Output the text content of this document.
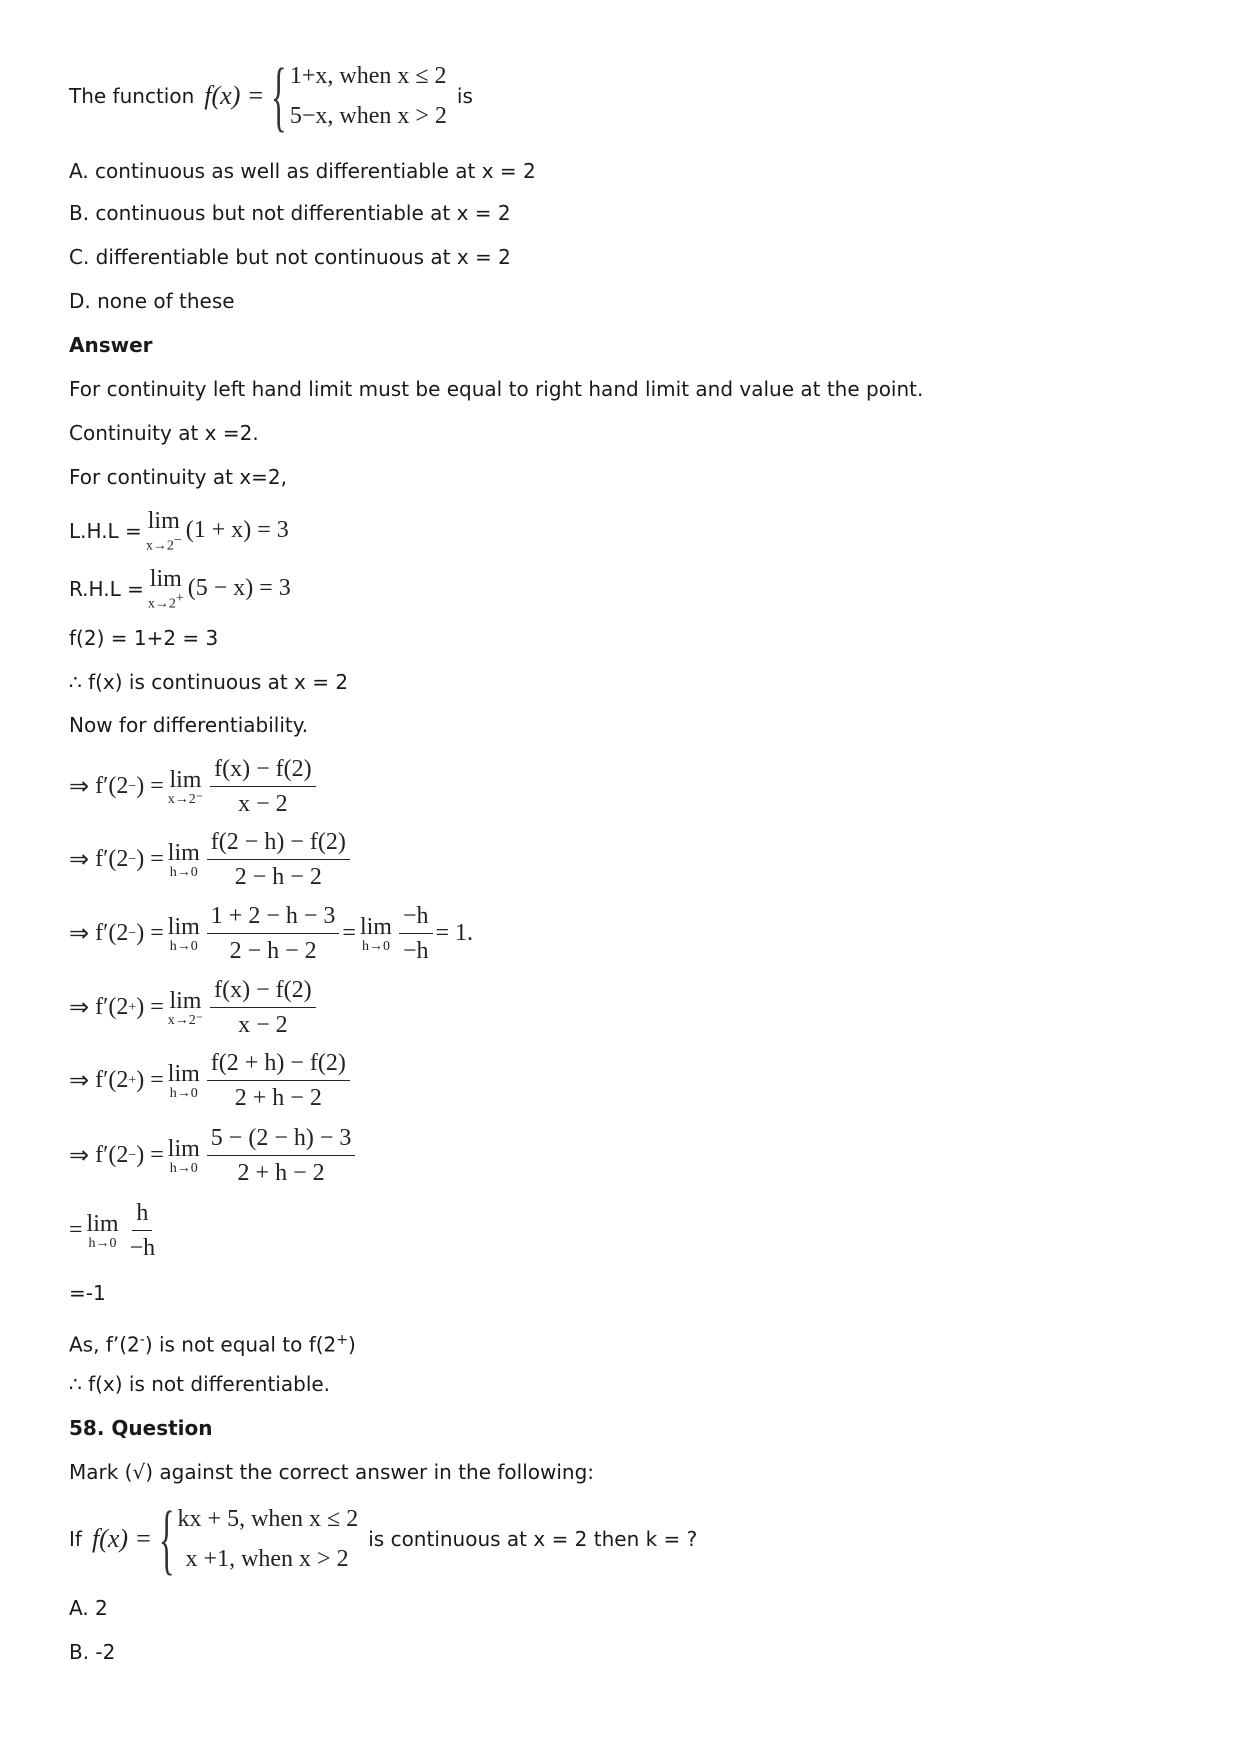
The function f(x) = { 1+x, when x ≤ 2
5−x, when x > 2
is
A. continuous as well as differentiable at x = 2
B. continuous but not differentiable at x = 2
C. differentiable but not continuous at x = 2
D. none of these
Answer
For continuity left hand limit must be equal to right hand limit and value at the point.
Continuity at x =2.
For continuity at x=2,
L.H.L = lim
x→2− (1 + x) = 3
R.H.L = lim
x→2+ (5 − x) = 3
f(2) = 1+2 = 3
∴ f(x) is continuous at x = 2
Now for differentiability.
⇒
f′(2 − ) = lim
$x\to 2^- \frac{f(x) - f(2)}{x - 2}$
⇒
f′(2 − ) = lim
$h\to 0 \frac{f(2 - h) - f(2)}{2 - h - 2}$
⇒
f′(2 − ) = lim
$h\to 0 \frac{1 + 2 - h - 3}{2 - h - 2} = \lim$
$h\to 0 \frac{-h}{-h} = 1$.
⇒
f′(2 + ) = lim
$x\to 2^- \frac{f(x) - f(2)}{x - 2}$
⇒
f′(2 + ) = lim
$h\to 0 \frac{f(2 + h) - f(2)}{2 + h - 2}$
⇒
f′(2 − ) = lim
$h\to 0 \frac{5 - (2 - h) - 3}{2 + h - 2}$
= lim
$h\to 0 \frac{h}{-h}$
=-1
As, f’(2-) is not equal to f(2+)
∴ f(x) is not differentiable.
58. Question
Mark (√) against the correct answer in the following:
If f(x) = { kx + 5, when x ≤ 2
x +1, when x > 2
is continuous at x = 2 then k = ?
A. 2
B. -2
